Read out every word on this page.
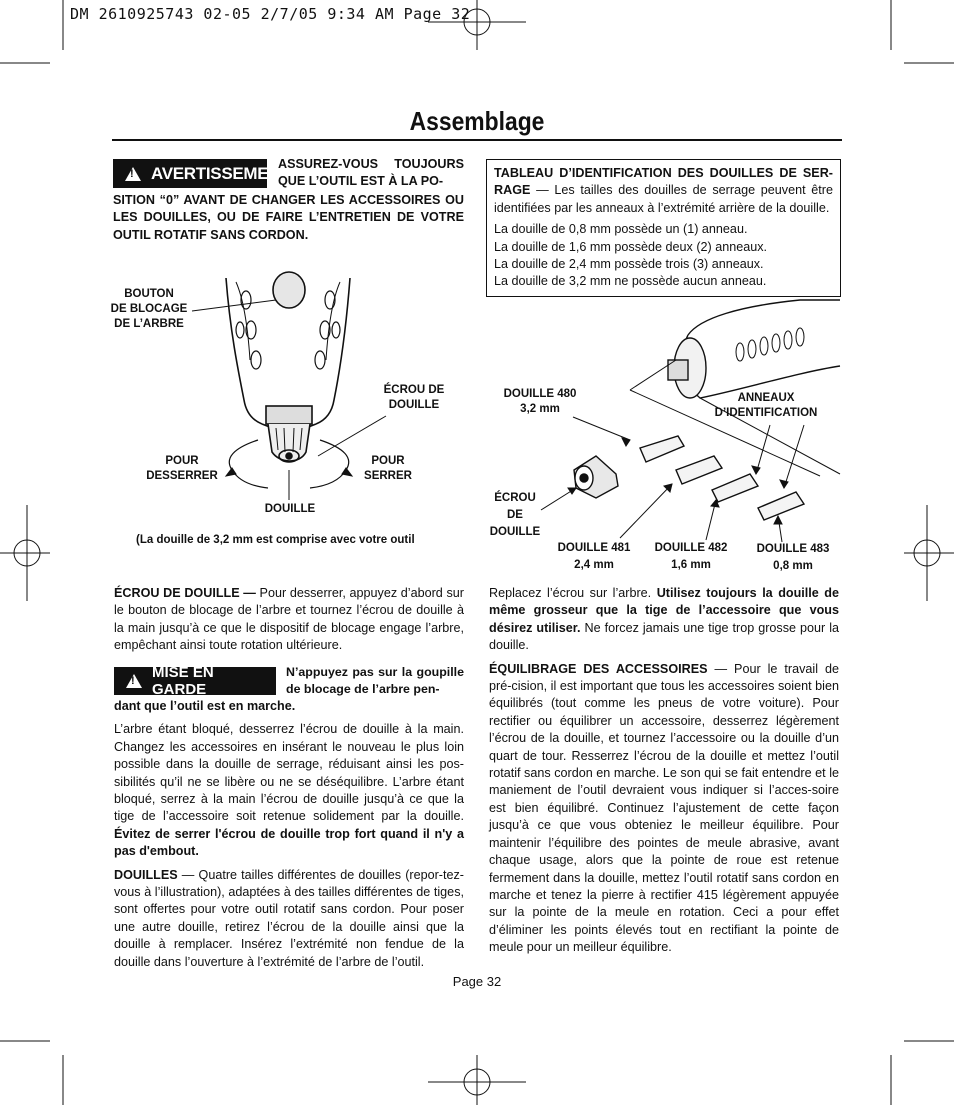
DM 2610925743 02-05 2/7/05 9:34 AM Page 32
Assemblage
! AVERTISSEMENT
ASSUREZ-VOUS TOUJOURS QUE L’OUTIL EST À LA PO-
SITION “0” AVANT DE CHANGER LES ACCESSOIRES OU LES DOUILLES, OU DE FAIRE L’ENTRETIEN DE VOTRE OUTIL ROTATIF SANS CORDON.

TABLEAU D’IDENTIFICATION DES DOUILLES DE SER- RAGE — Les tailles des douilles de serrage peuvent être identifiées par les anneaux à l’extrémité arrière de la douille.

La douille de 0,8 mm possède un (1) anneau.
La douille de 1,6 mm possède deux (2) anneaux.
La douille de 2,4 mm possède trois (3) anneaux.
La douille de 3,2 mm ne possède aucun anneau.
BOUTON
DE BLOCAGE
DE L’ARBRE
ÉCROU DE
DOUILLE
POUR
DESSERRER
POUR
SERRER
DOUILLE
(La douille de 3,2 mm est comprise avec votre outil
DOUILLE 480
3,2 mm
ANNEAUX
D’IDENTIFICATION
ÉCROU
DE
DOUILLE
DOUILLE 481
2,4 mm
DOUILLE 482
1,6 mm
DOUILLE 483
0,8 mm

ÉCROU DE DOUILLE — Pour desserrer, appuyez d’abord sur le bouton de blocage de l’arbre et tournez l’écrou de douille à la main jusqu’à ce que le dispositif de blocage engage l’arbre, empêchant ainsi toute rotation ultérieure.

! MISE EN GARDE
N’appuyez pas sur la goupille de blocage de l’arbre pen-

dant que l’outil est en marche.

L’arbre étant bloqué, desserrez l’écrou de douille à la main. Changez les accessoires en insérant le nouveau le plus loin possible dans la douille de serrage, réduisant ainsi les pos-sibilités qu’il ne se libère ou ne se déséquilibre. L’arbre étant bloqué, serrez à la main l’écrou de douille jusqu’à ce que la tige de l’accessoire soit retenue solidement par la douille. Évitez de serrer l'écrou de douille trop fort quand il n'y a pas d'embout.

DOUILLES — Quatre tailles différentes de douilles (repor-tez-vous à l’illustration), adaptées à des tailles différentes de tiges, sont offertes pour votre outil rotatif sans cordon. Pour poser une autre douille, retirez l’écrou de la douille ainsi que la douille à remplacer. Insérez l’extrémité non fendue de la douille dans l’ouverture à l’extrémité de l’arbre de l’outil.

Replacez l’écrou sur l’arbre. Utilisez toujours la douille de même grosseur que la tige de l’accessoire que vous désirez utiliser. Ne forcez jamais une tige trop grosse pour la douille.

ÉQUILIBRAGE DES ACCESSOIRES — Pour le travail de pré-cision, il est important que tous les accessoires soient bien équilibrés (tout comme les pneus de votre voiture). Pour rectifier ou équilibrer un accessoire, desserrez légèrement l’écrou de la douille, et tournez l’accessoire ou la douille d’un quart de tour. Resserrez l’écrou de la douille et mettez l’outil rotatif sans cordon en marche. Le son qui se fait entendre et le maniement de l’outil devraient vous indiquer si l’acces-soire est bien équilibré. Continuez l’ajustement de cette façon jusqu’à ce que vous obteniez le meilleur équilibre. Pour maintenir l’équilibre des pointes de meule abrasive, avant chaque usage, alors que la pointe de roue est retenue fermement dans la douille, mettez l’outil rotatif sans cordon en marche et tenez la pierre à rectifier 415 légèrement appuyée sur la pointe de la meule en rotation. Ceci a pour effet d’éliminer les points élevés tout en rectifiant la pointe de meule pour un meilleur équilibre.

Page 32
